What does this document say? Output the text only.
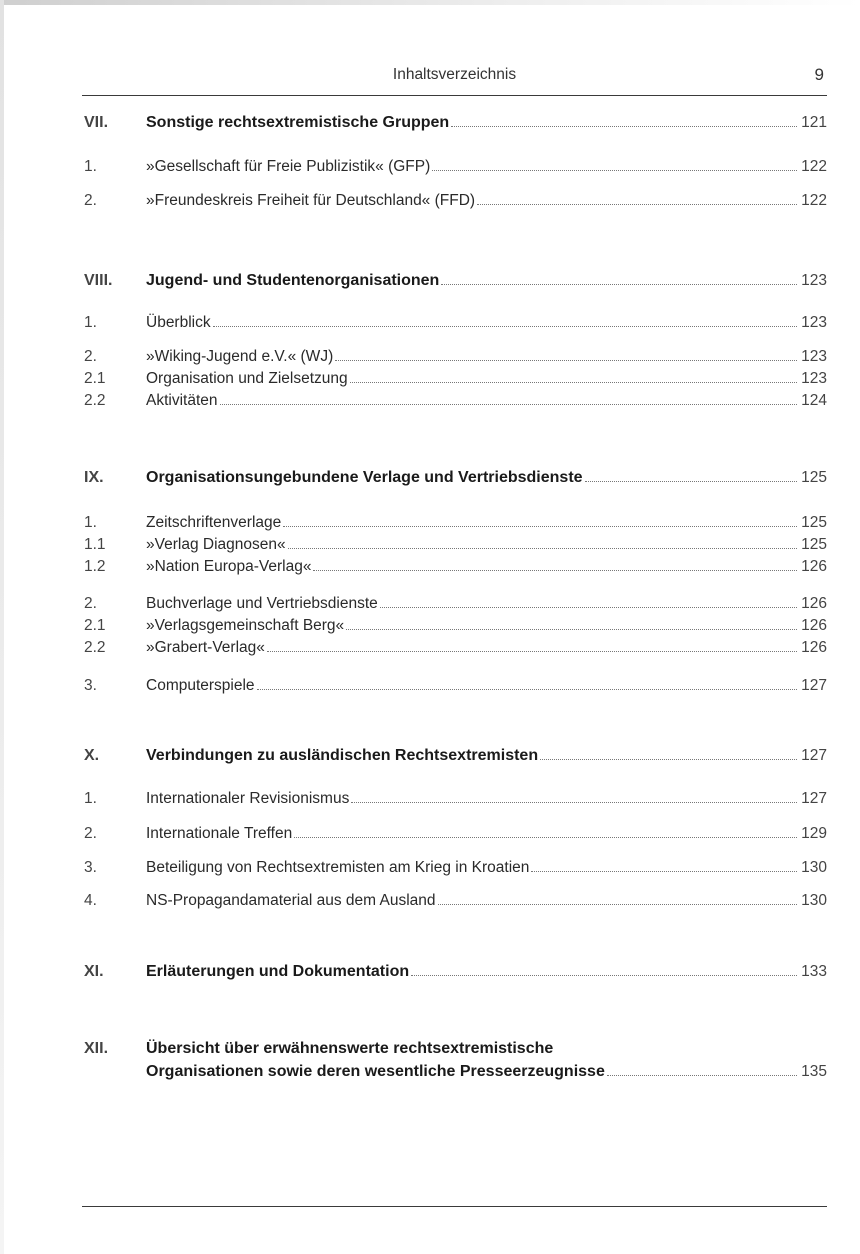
Inhaltsverzeichnis	9
VII. Sonstige rechtsextremistische Gruppen	121
1.	»Gesellschaft für Freie Publizistik« (GFP)	122
2.	»Freundeskreis Freiheit für Deutschland« (FFD)	122
VIII. Jugend- und Studentenorganisationen	123
1.	Überblick	123
2.	»Wiking-Jugend e.V.« (WJ)	123
2.1	Organisation und Zielsetzung	123
2.2	Aktivitäten	124
IX.	Organisationsungebundene Verlage und Vertriebsdienste	125
1.	Zeitschriftenverlage	125
1.1	»Verlag Diagnosen«	125
1.2	»Nation Europa-Verlag«	126
2.	Buchverlage und Vertriebsdienste	126
2.1	»Verlagsgemeinschaft Berg«	126
2.2	»Grabert-Verlag«	126
3.	Computerspiele	127
X.	Verbindungen zu ausländischen Rechtsextremisten	127
1.	Internationaler Revisionismus	127
2.	Internationale Treffen	129
3.	Beteiligung von Rechtsextremisten am Krieg in Kroatien	130
4.	NS-Propagandamaterial aus dem Ausland	130
XI.	Erläuterungen und Dokumentation	133
XII. Übersicht über erwähnenswerte rechtsextremistische
Organisationen sowie deren wesentliche Presseerzeugnisse	135
